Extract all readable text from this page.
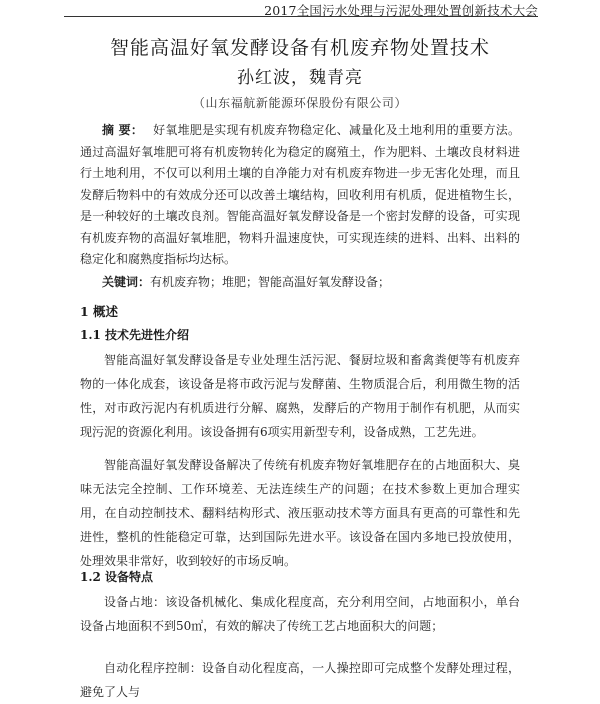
2017全国污水处理与污泥处理处置创新技术大会
智能高温好氧发酵设备有机废弃物处置技术
孙红波，魏青亮
（山东福航新能源环保股份有限公司）
摘 要： 好氧堆肥是实现有机废弃物稳定化、减量化及土地利用的重要方法。通过高温好氧堆肥可将有机废物转化为稳定的腐殖土，作为肥料、土壤改良材料进行土地利用，不仅可以利用土壤的自净能力对有机废弃物进一步无害化处理，而且发酵后物料中的有效成分还可以改善土壤结构，回收利用有机质，促进植物生长，是一种较好的土壤改良剂。智能高温好氧发酵设备是一个密封发酵的设备，可实现有机废弃物的高温好氧堆肥，物料升温速度快，可实现连续的进料、出料、出料的稳定化和腐熟度指标均达标。
关键词：有机废弃物；堆肥；智能高温好氧发酵设备；
1 概述
1.1 技术先进性介绍
智能高温好氧发酵设备是专业处理生活污泥、餐厨垃圾和畜禽粪便等有机废弃物的一体化成套，该设备是将市政污泥与发酵菌、生物质混合后，利用微生物的活性，对市政污泥内有机质进行分解、腐熟，发酵后的产物用于制作有机肥，从而实现污泥的资源化利用。该设备拥有6项实用新型专利，设备成熟，工艺先进。
智能高温好氧发酵设备解决了传统有机废弃物好氧堆肥存在的占地面积大、臭味无法完全控制、工作环境差、无法连续生产的问题；在技术参数上更加合理实用，在自动控制技术、翻料结构形式、液压驱动技术等方面具有更高的可靠性和先进性，整机的性能稳定可靠，达到国际先进水平。该设备在国内多地已投放使用，处理效果非常好，收到较好的市场反响。
1.2 设备特点
设备占地：该设备机械化、集成化程度高，充分利用空间，占地面积小，单台设备占地面积不到50㎡，有效的解决了传统工艺占地面积大的问题；
自动化程序控制：设备自动化程度高，一人操控即可完成整个发酵处理过程，避免了人与
